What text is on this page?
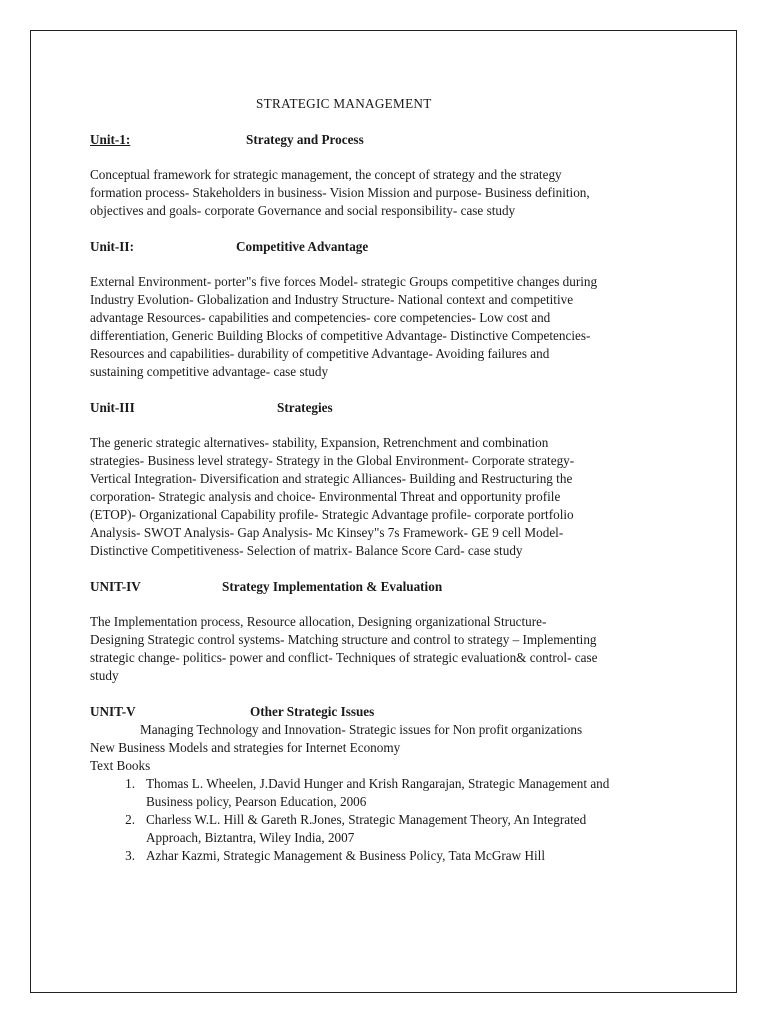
STRATEGIC MANAGEMENT
Unit-1:	Strategy and Process
Conceptual framework for strategic management, the concept of strategy and the strategy
formation process- Stakeholders in business- Vision Mission and purpose- Business definition,
objectives and goals- corporate Governance and social responsibility- case study
Unit-II:	Competitive Advantage
External Environment- porter"s five forces Model- strategic Groups competitive changes during
Industry Evolution- Globalization and Industry Structure- National context and competitive
advantage Resources- capabilities and competencies- core competencies- Low cost and
differentiation, Generic Building Blocks of competitive Advantage- Distinctive Competencies-
Resources and capabilities- durability of competitive Advantage- Avoiding failures and
sustaining competitive advantage- case study
Unit-III	Strategies
The generic strategic alternatives- stability, Expansion, Retrenchment and combination
strategies- Business level strategy- Strategy in the Global Environment- Corporate strategy-
Vertical Integration- Diversification and strategic Alliances- Building and Restructuring the
corporation- Strategic analysis and choice- Environmental Threat and opportunity profile
(ETOP)- Organizational Capability profile- Strategic Advantage profile- corporate portfolio
Analysis- SWOT Analysis- Gap Analysis- Mc Kinsey"s 7s Framework- GE 9 cell Model-
Distinctive Competitiveness- Selection of matrix- Balance Score Card- case study
UNIT-IV	Strategy Implementation & Evaluation
The Implementation process, Resource allocation, Designing organizational Structure-
Designing Strategic control systems- Matching structure and control to strategy – Implementing
strategic change- politics- power and conflict- Techniques of strategic evaluation& control- case
study
UNIT-V	Other Strategic Issues
Managing Technology and Innovation- Strategic issues for Non profit organizations
New Business Models and strategies for Internet Economy
Text Books
1. Thomas L. Wheelen, J.David Hunger and Krish Rangarajan, Strategic Management and
Business policy, Pearson Education, 2006
2. Charless W.L. Hill & Gareth R.Jones, Strategic Management Theory, An Integrated
Approach, Biztantra, Wiley India, 2007
3. Azhar Kazmi, Strategic Management & Business Policy, Tata McGraw Hill
